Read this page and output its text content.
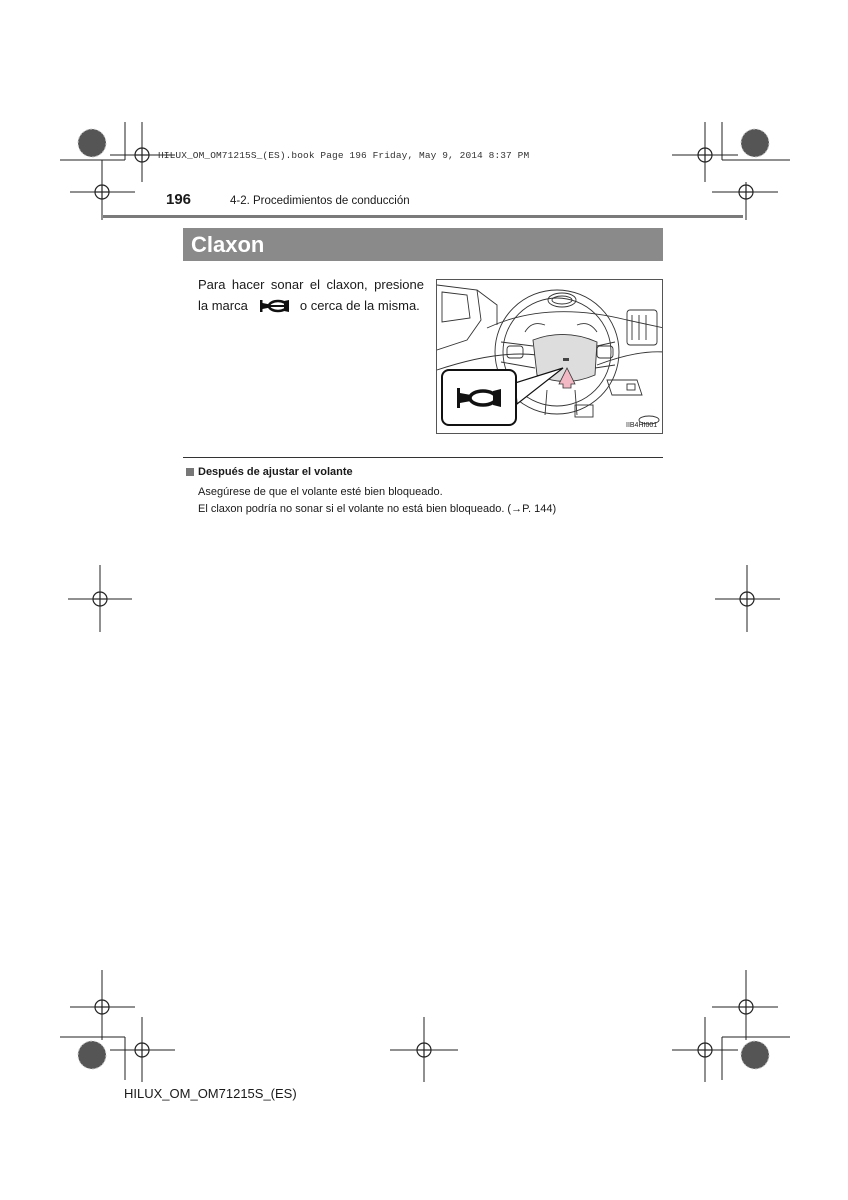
HILUX_OM_OM71215S_(ES).book Page 196 Friday, May 9, 2014 8:37 PM
196	4-2. Procedimientos de conducción
Claxon
Para hacer sonar el claxon, presione
la marca	o cerca de la misma.
IIB4HI001
Después de ajustar el volante
Asegúrese de que el volante esté bien bloqueado.
El claxon podría no sonar si el volante no está bien bloqueado. (→P. 144)
HILUX_OM_OM71215S_(ES)
